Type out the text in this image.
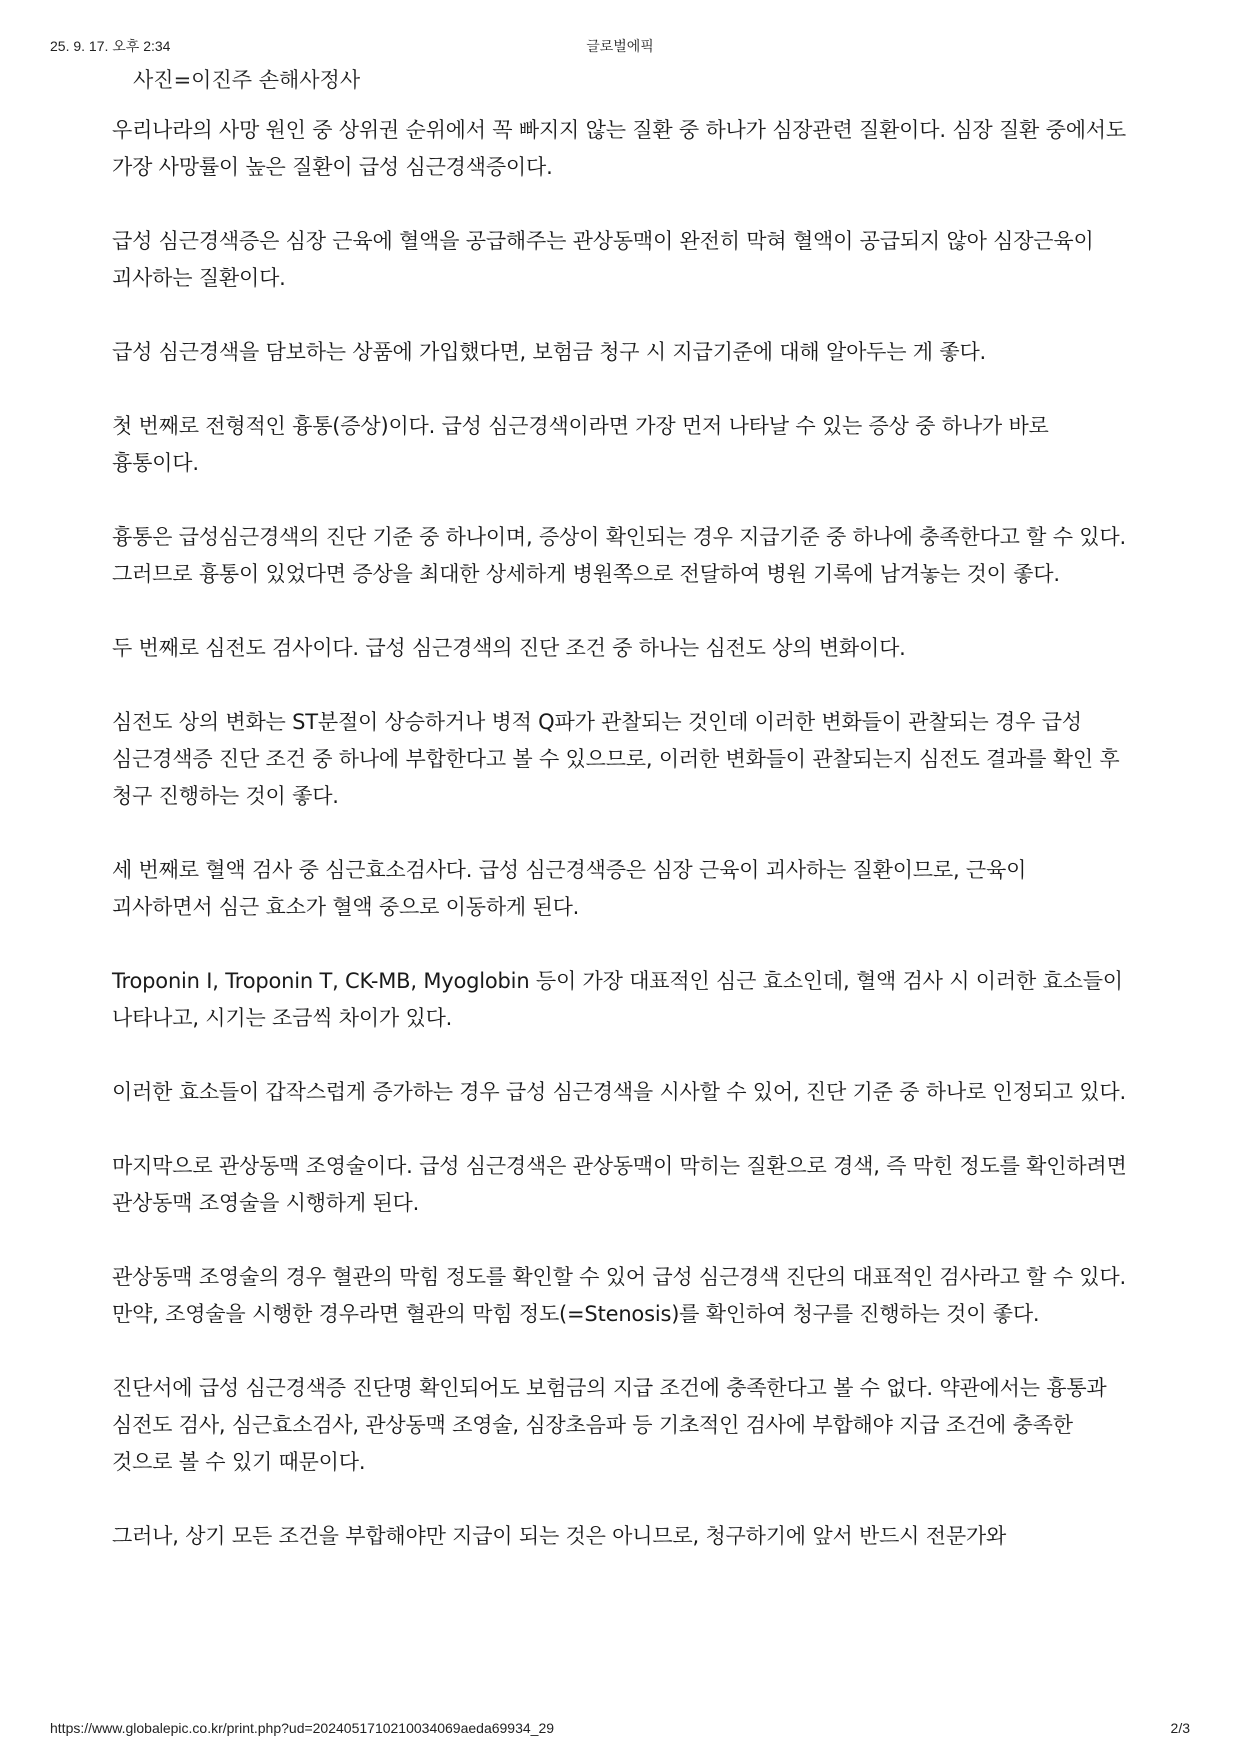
25. 9. 17. 오후 2:34	글로벌에픽
사진=이진주 손해사정사

우리나라의 사망 원인 중 상위권 순위에서 꼭 빠지지 않는 질환 중 하나가 심장관련 질환이다. 심장 질환 중에서도 가장 사망률이 높은 질환이 급성 심근경색증이다.

급성 심근경색증은 심장 근육에 혈액을 공급해주는 관상동맥이 완전히 막혀 혈액이 공급되지 않아 심장근육이 괴사하는 질환이다.

급성 심근경색을 담보하는 상품에 가입했다면, 보험금 청구 시 지급기준에 대해 알아두는 게 좋다.

첫 번째로 전형적인 흉통(증상)이다. 급성 심근경색이라면 가장 먼저 나타날 수 있는 증상 중 하나가 바로 흉통이다.

흉통은 급성심근경색의 진단 기준 중 하나이며, 증상이 확인되는 경우 지급기준 중 하나에 충족한다고 할 수 있다. 그러므로 흉통이 있었다면 증상을 최대한 상세하게 병원쪽으로 전달하여 병원 기록에 남겨놓는 것이 좋다.

두 번째로 심전도 검사이다. 급성 심근경색의 진단 조건 중 하나는 심전도 상의 변화이다.

심전도 상의 변화는 ST분절이 상승하거나 병적 Q파가 관찰되는 것인데 이러한 변화들이 관찰되는 경우 급성 심근경색증 진단 조건 중 하나에 부합한다고 볼 수 있으므로, 이러한 변화들이 관찰되는지 심전도 결과를 확인 후 청구 진행하는 것이 좋다.

세 번째로 혈액 검사 중 심근효소검사다. 급성 심근경색증은 심장 근육이 괴사하는 질환이므로, 근육이 괴사하면서 심근 효소가 혈액 중으로 이동하게 된다.

Troponin I, Troponin T, CK-MB, Myoglobin 등이 가장 대표적인 심근 효소인데, 혈액 검사 시 이러한 효소들이 나타나고, 시기는 조금씩 차이가 있다.

이러한 효소들이 갑작스럽게 증가하는 경우 급성 심근경색을 시사할 수 있어, 진단 기준 중 하나로 인정되고 있다.

마지막으로 관상동맥 조영술이다. 급성 심근경색은 관상동맥이 막히는 질환으로 경색, 즉 막힌 정도를 확인하려면 관상동맥 조영술을 시행하게 된다.

관상동맥 조영술의 경우 혈관의 막힘 정도를 확인할 수 있어 급성 심근경색 진단의 대표적인 검사라고 할 수 있다. 만약, 조영술을 시행한 경우라면 혈관의 막힘 정도(=Stenosis)를 확인하여 청구를 진행하는 것이 좋다.

진단서에 급성 심근경색증 진단명 확인되어도 보험금의 지급 조건에 충족한다고 볼 수 없다. 약관에서는 흉통과 심전도 검사, 심근효소검사, 관상동맥 조영술, 심장초음파 등 기초적인 검사에 부합해야 지급 조건에 충족한 것으로 볼 수 있기 때문이다.

그러나, 상기 모든 조건을 부합해야만 지급이 되는 것은 아니므로, 청구하기에 앞서 반드시 전문가와

https://www.globalepic.co.kr/print.php?ud=2024051710210034069aeda69934_29	2/3
